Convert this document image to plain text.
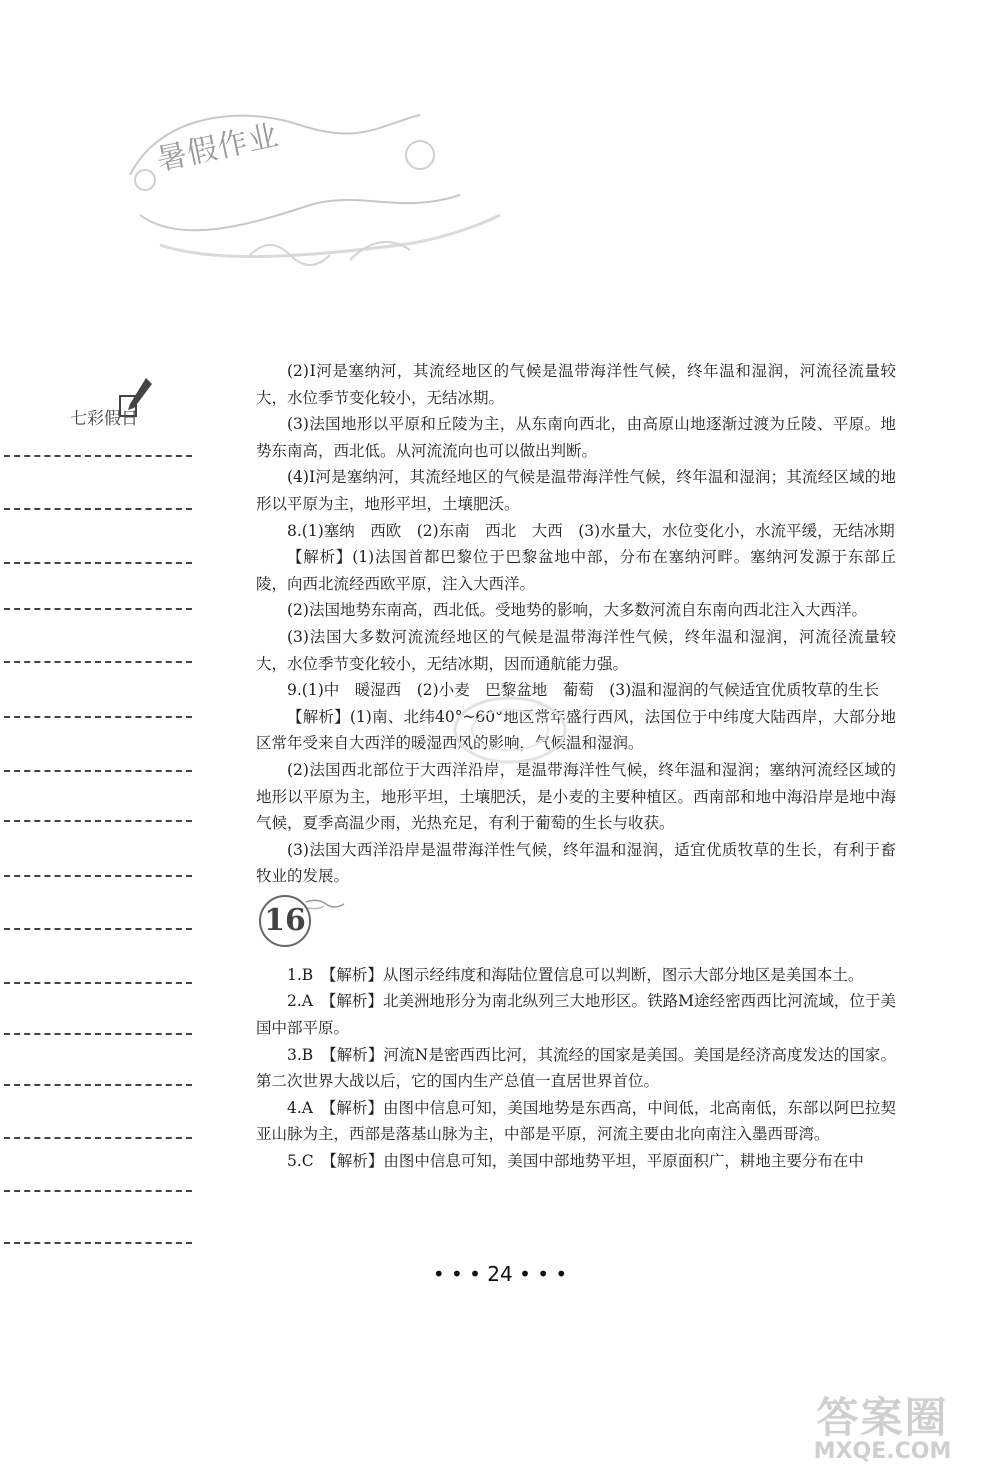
暑假作业
七彩假日

(2)Ⅰ河是塞纳河，其流经地区的气候是温带海洋性气候，终年温和湿润，河流径流量较大，水位季节变化较小，无结冰期。

(3)法国地形以平原和丘陵为主，从东南向西北，由高原山地逐渐过渡为丘陵、平原。地势东南高，西北低。从河流流向也可以做出判断。

(4)Ⅰ河是塞纳河，其流经地区的气候是温带海洋性气候，终年温和湿润；其流经区域的地形以平原为主，地形平坦，土壤肥沃。

8.(1)塞纳　西欧　(2)东南　西北　大西　(3)水量大，水位变化小，水流平缓，无结冰期

【解析】(1)法国首都巴黎位于巴黎盆地中部，分布在塞纳河畔。塞纳河发源于东部丘陵，向西北流经西欧平原，注入大西洋。

(2)法国地势东南高，西北低。受地势的影响，大多数河流自东南向西北注入大西洋。

(3)法国大多数河流流经地区的气候是温带海洋性气候，终年温和湿润，河流径流量较大，水位季节变化较小，无结冰期，因而通航能力强。

9.(1)中　暖湿西　(2)小麦　巴黎盆地　葡萄　(3)温和湿润的气候适宜优质牧草的生长

【解析】(1)南、北纬40°~60°地区常年盛行西风，法国位于中纬度大陆西岸，大部分地区常年受来自大西洋的暖湿西风的影响，气候温和湿润。

(2)法国西北部位于大西洋沿岸，是温带海洋性气候，终年温和湿润；塞纳河流经区域的地形以平原为主，地形平坦，土壤肥沃，是小麦的主要种植区。西南部和地中海沿岸是地中海气候，夏季高温少雨，光热充足，有利于葡萄的生长与收获。

(3)法国大西洋沿岸是温带海洋性气候，终年温和湿润，适宜优质牧草的生长，有利于畜牧业的发展。

16

1.B　【解析】从图示经纬度和海陆位置信息可以判断，图示大部分地区是美国本土。

2.A　【解析】北美洲地形分为南北纵列三大地形区。铁路M途经密西西比河流域，位于美国中部平原。

3.B　【解析】河流N是密西西比河，其流经的国家是美国。美国是经济高度发达的国家。第二次世界大战以后，它的国内生产总值一直居世界首位。

4.A　【解析】由图中信息可知，美国地势是东西高，中间低，北高南低，东部以阿巴拉契亚山脉为主，西部是落基山脉为主，中部是平原，河流主要由北向南注入墨西哥湾。

5.C　【解析】由图中信息可知，美国中部地势平坦，平原面积广，耕地主要分布在中

• • • 24 • • •
答案圈
MXQE.COM
